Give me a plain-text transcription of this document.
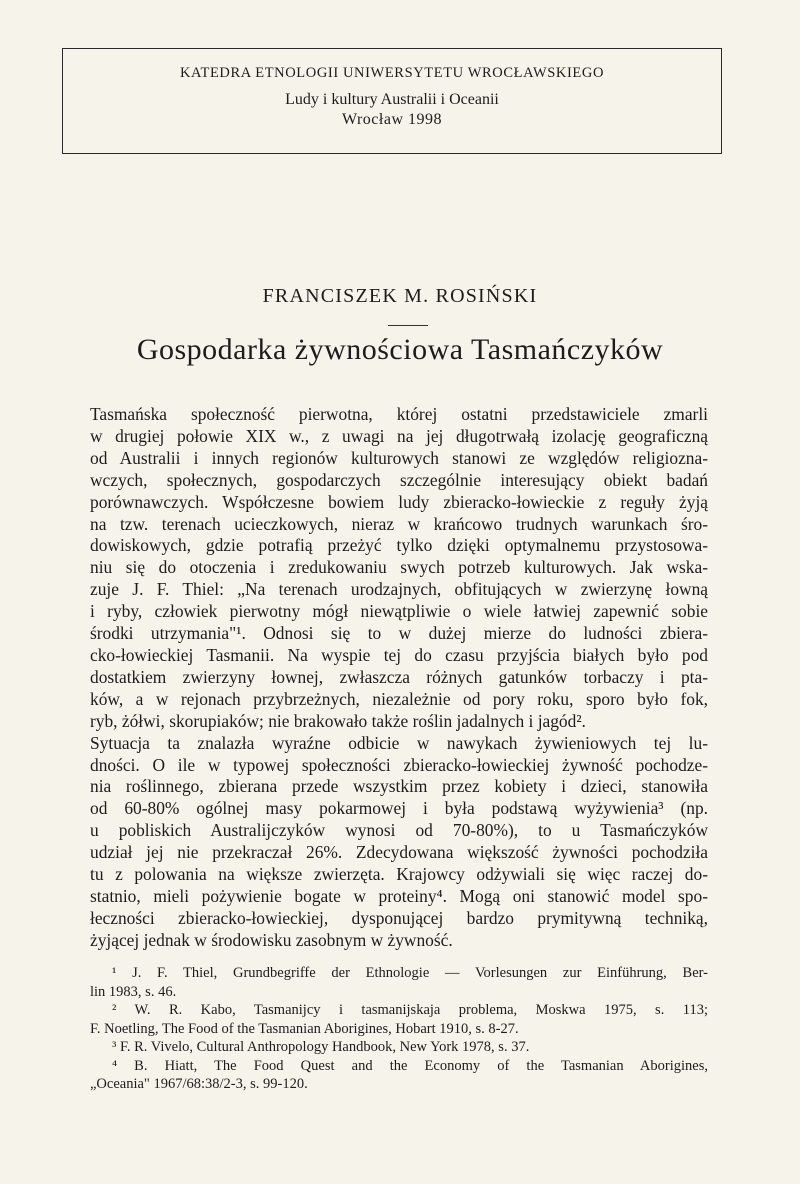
KATEDRA ETNOLOGII UNIWERSYTETU WROCŁAWSKIEGO
Ludy i kultury Australii i Oceanii
Wrocław 1998
FRANCISZEK M. ROSIŃSKI
Gospodarka żywnościowa Tasmańczyków
Tasmańska społeczność pierwotna, której ostatni przedstawiciele zmarli
w drugiej połowie XIX w., z uwagi na jej długotrwałą izolację geograficzną
od Australii i innych regionów kulturowych stanowi ze względów religiozna-
wczych, społecznych, gospodarczych szczególnie interesujący obiekt badań
porównawczych. Współczesne bowiem ludy zbieracko-łowieckie z reguły żyją
na tzw. terenach ucieczkowych, nieraz w krańcowo trudnych warunkach śro-
dowiskowych, gdzie potrafią przeżyć tylko dzięki optymalnemu przystosowa-
niu się do otoczenia i zredukowaniu swych potrzeb kulturowych. Jak wska-
zuje J. F. Thiel: „Na terenach urodzajnych, obfitujących w zwierzynę łowną
i ryby, człowiek pierwotny mógł niewątpliwie o wiele łatwiej zapewnić sobie
środki utrzymania"¹. Odnosi się to w dużej mierze do ludności zbiera-
cko-łowieckiej Tasmanii. Na wyspie tej do czasu przyjścia białych było pod
dostatkiem zwierzyny łownej, zwłaszcza różnych gatunków torbaczy i pta-
ków, a w rejonach przybrzeżnych, niezależnie od pory roku, sporo było fok,
ryb, żółwi, skorupiaków; nie brakowało także roślin jadalnych i jagód².
Sytuacja ta znalazła wyraźne odbicie w nawykach żywieniowych tej lu-
dności. O ile w typowej społeczności zbieracko-łowieckiej żywność pochodze-
nia roślinnego, zbierana przede wszystkim przez kobiety i dzieci, stanowiła
od 60-80% ogólnej masy pokarmowej i była podstawą wyżywienia³ (np.
u pobliskich Australijczyków wynosi od 70-80%), to u Tasmańczyków
udział jej nie przekraczał 26%. Zdecydowana większość żywności pochodziła
tu z polowania na większe zwierzęta. Krajowcy odżywiali się więc raczej do-
statnio, mieli pożywienie bogate w proteiny⁴. Mogą oni stanowić model spo-
łeczności zbieracko-łowieckiej, dysponującej bardzo prymitywną techniką,
żyjącej jednak w środowisku zasobnym w żywność.
¹ J. F. Thiel, Grundbegriffe der Ethnologie — Vorlesungen zur Einführung, Ber-
lin 1983, s. 46.
² W. R. Kabo, Tasmanijcy i tasmanijskaja problema, Moskwa 1975, s. 113;
F. Noetling, The Food of the Tasmanian Aborigines, Hobart 1910, s. 8-27.
³ F. R. Vivelo, Cultural Anthropology Handbook, New York 1978, s. 37.
⁴ B. Hiatt, The Food Quest and the Economy of the Tasmanian Aborigines,
„Oceania" 1967/68:38/2-3, s. 99-120.
